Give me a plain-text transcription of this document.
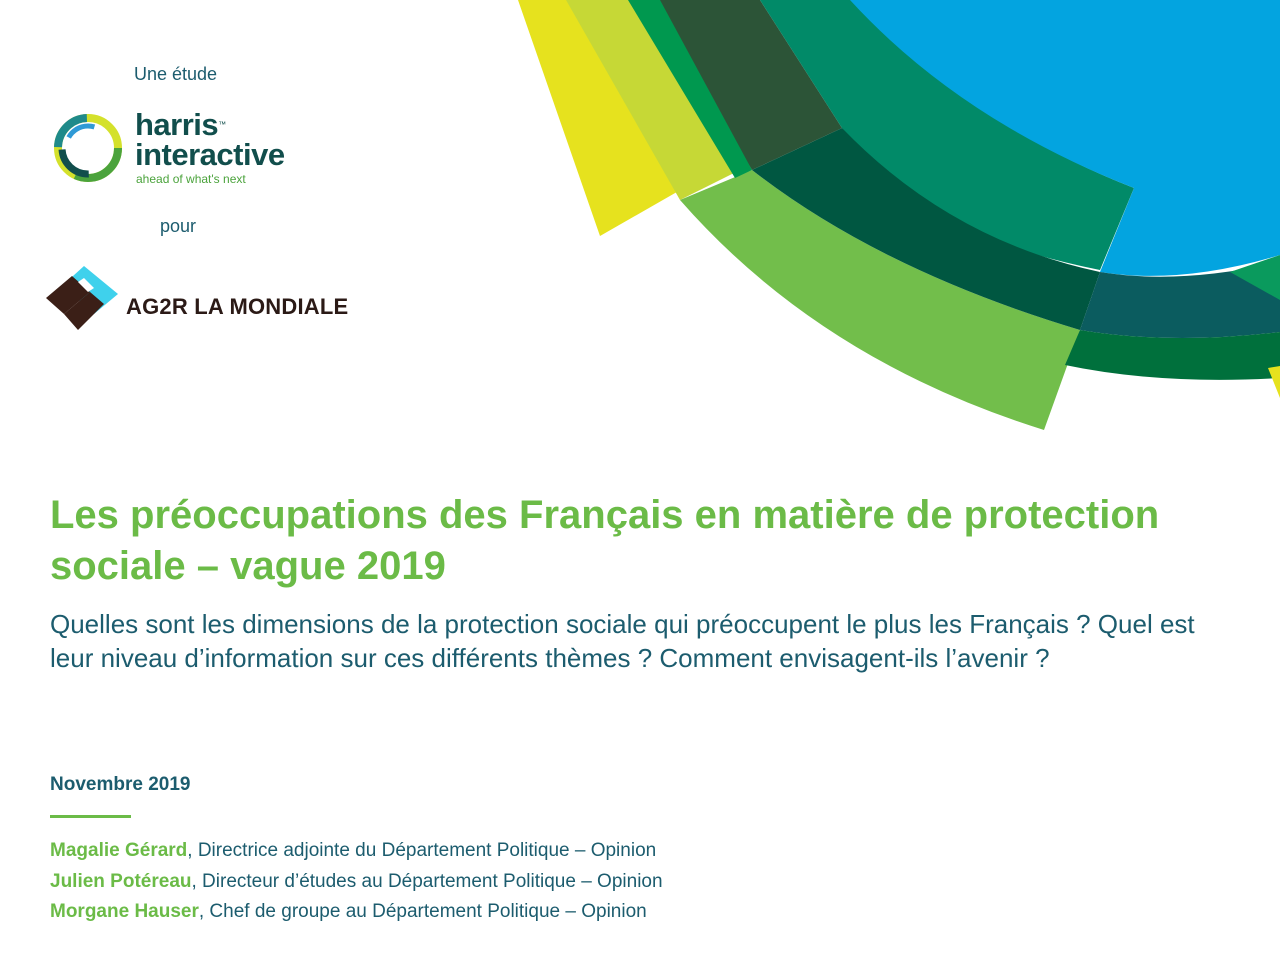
Une étude
harris™
interactive
ahead of what's next
pour
AG2R LA MONDIALE
Les préoccupations des Français en matière de protection sociale – vague 2019

Quelles sont les dimensions de la protection sociale qui préoccupent le plus les Français ? Quel est leur niveau d’information sur ces différents thèmes ? Comment envisagent-ils l’avenir ?

Novembre 2019
Magalie Gérard, Directrice adjointe du Département Politique – Opinion
Julien Potéreau, Directeur d’études au Département Politique – Opinion
Morgane Hauser, Chef de groupe au Département Politique – Opinion
